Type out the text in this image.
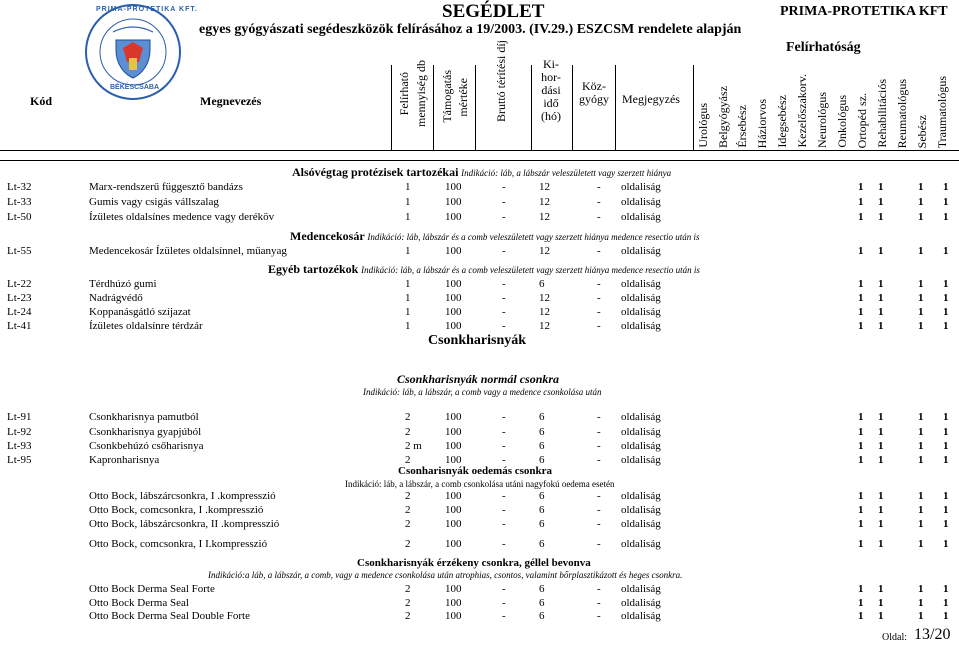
PRIMA-PROTETIKA KFT.
BÉKÉSCSABA
SEGÉDLET
egyes gyógyászati segédeszközök felírásához a 19/2003. (IV.29.) ESZCSM rendelete alapján
PRIMA-PROTETIKA KFT
Kód	Megnevezés	Felírható mennyiség db Támogatás mértéke Bruttó térítési díj	Ki-
hor-
dási
idő
(hó)
Köz-
gyógy Megjegyzés
Felírhatóság
Urológus Belgyógyász Érsebész Háziorvos Idegsebész Kezelőszakorv. Neurológus Onkológus Ortopéd sz. Rehabilitációs Reumatológus Sebész Traumatológus
Alsóvégtag protézisek tartozékai Indikáció: láb, a lábszár veleszületett vagy szerzett hiánya
Lt-32	Marx-rendszerű függesztő bandázs	1	100	-	12	- oldaliság	1 1	1 1
Lt-33	Gumis vagy csigás vállszalag	1	100	-	12	- oldaliság	1 1	1 1
Lt-50	Ízületes oldalsínes medence vagy deréköv	1	100	-	12	- oldaliság	1 1	1 1
Medencekosár Indikáció: láb, lábszár és a comb veleszületett vagy szerzett hiánya medence resectio után is
Lt-55	Medencekosár Ízületes oldalsínnel, műanyag	1	100	-	12	- oldaliság	1 1	1 1
Egyéb tartozékok Indikáció: láb, a lábszár és a comb veleszületett vagy szerzett hiánya medence resectio után is
Lt-22	Térdhúzó gumi	1	100	-	6	- oldaliság	1 1	1 1
Lt-23	Nadrágvédő	1	100	-	12	- oldaliság	1 1	1 1
Lt-24	Koppanásgátló szíjazat	1	100	-	12	- oldaliság	1 1	1 1
Lt-41	Ízületes oldalsínre térdzár	1	100	-	12	- oldaliság	1 1	1 1
Csonkharisnyák
Csonkharisnyák normál csonkra
Indikáció: láb, a lábszár, a comb vagy a medence csonkolása után
Lt-91	Csonkharisnya pamutból	2	100	-	6	- oldaliság	1 1	1 1
Lt-92	Csonkharisnya gyapjúból	2	100	-	6	- oldaliság	1 1	1 1
Lt-93	Csonkbehúzó csőharisnya	2 m 100	-	6	- oldaliság	1 1	1 1
Lt-95	Kapronharisnya	2	100	-	6	- oldaliság	1 1	1 1
Csonharisnyák oedemás csonkra
Indikáció: láb, a lábszár, a comb csonkolása utáni nagyfokú oedema esetén
Otto Bock, lábszárcsonkra, I .kompresszió	2	100	-	6	- oldaliság	1 1	1 1
Otto Bock, comcsonkra, I .kompresszió	2	100	-	6	- oldaliság	1 1	1 1
Otto Bock, lábszárcsonkra, II .kompresszió	2	100	-	6	- oldaliság	1 1	1 1
Otto Bock, comcsonkra, I I.kompresszió	2	100	-	6	- oldaliság	1 1	1 1
Csonkharisnyák érzékeny csonkra, géllel bevonva
Indikáció:a láb, a lábszár, a comb, vagy a medence csonkolása után atrophias, csontos, valamint bőrplasztikázott és heges csonkra.
Otto Bock Derma Seal Forte	2	100	-	6	- oldaliság	1 1	1 1
Otto Bock Derma Seal	2	100	-	6	- oldaliság	1 1	1 1
Otto Bock Derma Seal Double Forte	2	100	-	6	- oldaliság	1 1	1 1
Oldal: 13/20
